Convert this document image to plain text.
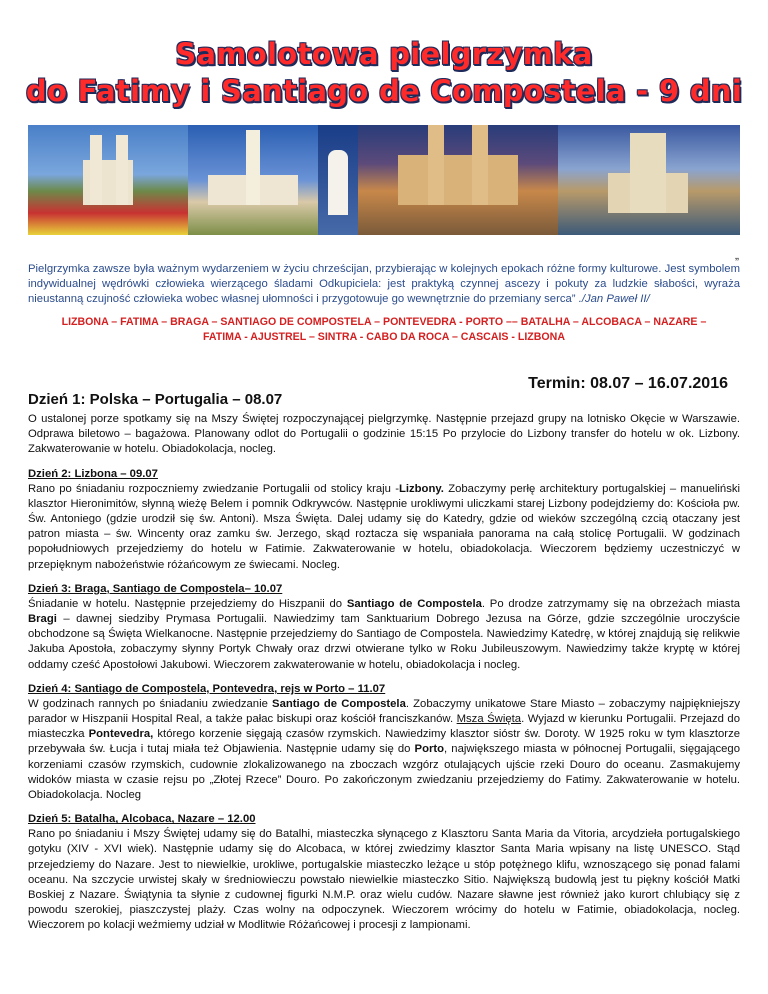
Samolotowa pielgrzymka
do Fatimy i Santiago de Compostela - 9 dni
„
Pielgrzymka zawsze była ważnym wydarzeniem w życiu chrześcijan, przybierając w kolejnych epokach różne formy kulturowe. Jest symbolem indywidualnej wędrówki człowieka wierzącego śladami Odkupiciela: jest praktyką czynnej ascezy i pokuty za ludzkie słabości, wyraża nieustanną czujność człowieka wobec własnej ułomności i przygotowuje go wewnętrznie do przemiany serca” ./Jan Paweł II/
LIZBONA – FATIMA – BRAGA – SANTIAGO DE COMPOSTELA – PONTEVEDRA - PORTO –– BATALHA – ALCOBACA – NAZARE –
FATIMA - AJUSTREL – SINTRA - CABO DA ROCA – CASCAIS - LIZBONA
Termin: 08.07 – 16.07.2016
Dzień 1: Polska – Portugalia – 08.07
O ustalonej porze spotkamy się na Mszy Świętej rozpoczynającej pielgrzymkę. Następnie przejazd grupy na lotnisko Okęcie w Warszawie. Odprawa biletowo – bagażowa. Planowany odlot do Portugalii o godzinie 15:15 Po przylocie do Lizbony transfer do hotelu w ok. Lizbony. Zakwaterowanie w hotelu. Obiadokolacja, nocleg.
Dzień 2: Lizbona – 09.07
Rano po śniadaniu rozpoczniemy zwiedzanie Portugalii od stolicy kraju -Lizbony. Zobaczymy perłę architektury portugalskiej – manueliński klasztor Hieronimitów, słynną wieżę Belem i pomnik Odkrywców. Następnie urokliwymi uliczkami starej Lizbony podejdziemy do: Kościoła pw. Św. Antoniego (gdzie urodził się św. Antoni). Msza Święta. Dalej udamy się do Katedry, gdzie od wieków szczególną czcią otaczany jest patron miasta – św. Wincenty oraz zamku św. Jerzego, skąd roztacza się wspaniała panorama na całą stolicę Portugalii. W godzinach popołudniowych przejedziemy do hotelu w Fatimie. Zakwaterowanie w hotelu, obiadokolacja. Wieczorem będziemy uczestniczyć w przepięknym nabożeństwie różańcowym ze świecami. Nocleg.
Dzień 3: Braga, Santiago de Compostela– 10.07
Śniadanie w hotelu. Następnie przejedziemy do Hiszpanii do Santiago de Compostela. Po drodze zatrzymamy się na obrzeżach miasta Bragi – dawnej siedziby Prymasa Portugalii. Nawiedzimy tam Sanktuarium Dobrego Jezusa na Górze, gdzie szczególnie uroczyście obchodzone są Święta Wielkanocne. Następnie przejedziemy do Santiago de Compostela. Nawiedzimy Katedrę, w której znajdują się relikwie Jakuba Apostoła, zobaczymy słynny Portyk Chwały oraz drzwi otwierane tylko w Roku Jubileuszowym. Nawiedzimy także kryptę w której oddamy cześć Apostołowi Jakubowi. Wieczorem zakwaterowanie w hotelu, obiadokolacja i nocleg.
Dzień 4: Santiago de Compostela, Pontevedra, rejs w Porto – 11.07
W godzinach rannych po śniadaniu zwiedzanie Santiago de Compostela. Zobaczymy unikatowe Stare Miasto – zobaczymy najpiękniejszy parador w Hiszpanii Hospital Real, a także pałac biskupi oraz kościół franciszkanów. Msza Święta. Wyjazd w kierunku Portugalii. Przejazd do miasteczka Pontevedra, którego korzenie sięgają czasów rzymskich. Nawiedzimy klasztor sióstr św. Doroty. W 1925 roku w tym klasztorze przebywała św. Łucja i tutaj miała też Objawienia. Następnie udamy się do Porto, największego miasta w północnej Portugalii, sięgającego korzeniami czasów rzymskich, cudownie zlokalizowanego na zboczach wzgórz otulających ujście rzeki Douro do oceanu. Zasmakujemy widoków miasta w czasie rejsu po „Złotej Rzece” Douro. Po zakończonym zwiedzaniu przejedziemy do Fatimy. Zakwaterowanie w hotelu. Obiadokolacja. Nocleg
Dzień 5: Batalha, Alcobaca, Nazare – 12.00
Rano po śniadaniu i Mszy Świętej udamy się do Batalhi, miasteczka słynącego z Klasztoru Santa Maria da Vitoria, arcydzieła portugalskiego gotyku (XIV - XVI wiek). Następnie udamy się do Alcobaca, w której zwiedzimy klasztor Santa Maria wpisany na listę UNESCO. Stąd przejedziemy do Nazare. Jest to niewielkie, urokliwe, portugalskie miasteczko leżące u stóp potężnego klifu, wznoszącego się ponad falami oceanu. Na szczycie urwistej skały w średniowieczu powstało niewielkie miasteczko Sitio. Największą budowlą jest tu piękny kościół Matki Boskiej z Nazare. Świątynia ta słynie z cudownej figurki N.M.P. oraz wielu cudów. Nazare sławne jest również jako kurort chlubiący się z powodu szerokiej, piaszczystej plaży. Czas wolny na odpoczynek. Wieczorem wrócimy do hotelu w Fatimie, obiadokolacja, nocleg. Wieczorem po kolacji weźmiemy udział w Modlitwie Różańcowej i procesji z lampionami.
